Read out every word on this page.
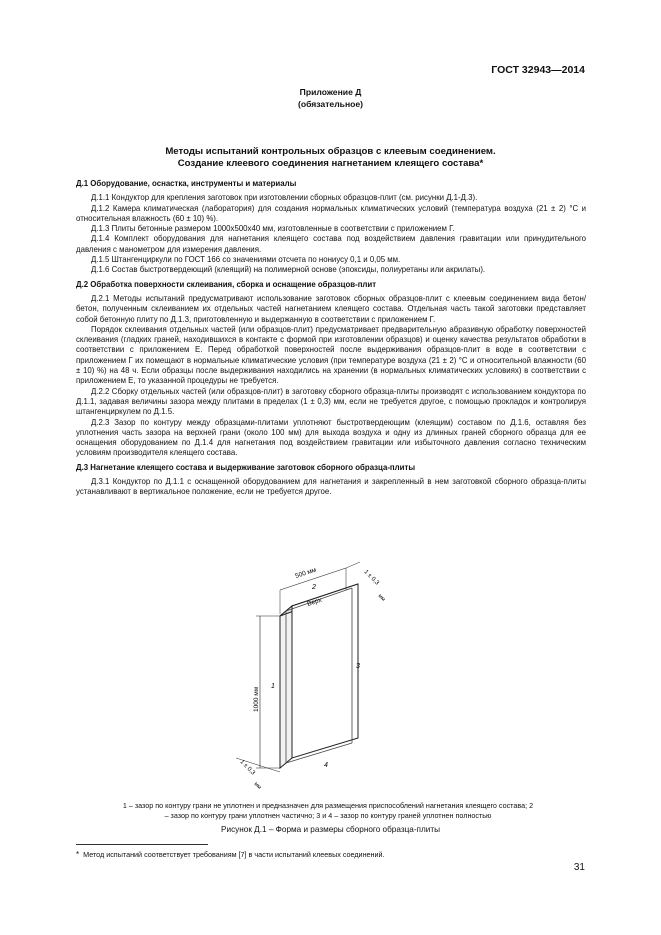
ГОСТ 32943—2014
Приложение Д
(обязательное)
Методы испытаний контрольных образцов с клеевым соединением.
Создание клеевого соединения нагнетанием клеящего состава*
Д.1 Оборудование, оснастка, инструменты и материалы

Д.1.1 Кондуктор для крепления заготовок при изготовлении сборных образцов-плит (см. рисунки Д.1-Д.3).

Д.1.2 Камера климатическая (лаборатория) для создания нормальных климатических условий (температура воздуха (21 ± 2) °С и относительная влажность (60 ± 10) %).

Д.1.3 Плиты бетонные размером 1000х500х40 мм, изготовленные в соответствии с приложением Г.

Д.1.4 Комплект оборудования для нагнетания клеящего состава под воздействием давления гравитации или принудительного давления с манометром для измерения давления.

Д.1.5 Штангенциркули по ГОСТ 166 со значениями отсчета по нониусу 0,1 и 0,05 мм.

Д.1.6 Состав быстротвердеющий (клеящий) на полимерной основе (эпоксиды, полиуретаны или акрилаты).

Д.2 Обработка поверхности склеивания, сборка и оснащение образцов-плит

Д.2.1 Методы испытаний предусматривают использование заготовок сборных образцов-плит с клеевым соединением вида бетон/бетон, полученным склеиванием их отдельных частей нагнетанием клеящего состава. Отдельная часть такой заготовки представляет собой бетонную плиту по Д.1.3, приготовленную и выдержанную в соответствии с приложением Г.

Порядок склеивания отдельных частей (или образцов-плит) предусматривает предварительную абразивную обработку поверхностей склеивания (гладких граней, находившихся в контакте с формой при изготовлении образцов) и оценку качества результатов обработки в соответствии с приложением Е. Перед обработкой поверхностей после выдерживания образцов-плит в воде в соответствии с приложением Г их помещают в нормальные климатические условия (при температуре воздуха (21 ± 2) °С и относительной влажности (60 ± 10) %) на 48 ч. Если образцы после выдерживания находились на хранении (в нормальных климатических условиях) в соответствии с приложением Е, то указанной процедуры не требуется.

Д.2.2 Сборку отдельных частей (или образцов-плит) в заготовку сборного образца-плиты производят с использованием кондуктора по Д.1.1, задавая величины зазора между плитами в пределах (1 ± 0,3) мм, если не требуется другое, с помощью прокладок и контролируя штангенциркулем по Д.1.5.

Д.2.3 Зазор по контуру между образцами-плитами уплотняют быстротвердеющим (клеящим) составом по Д.1.6, оставляя без уплотнения часть зазора на верхней грани (около 100 мм) для выхода воздуха и одну из длинных граней сборного образца для ее оснащения оборудованием по Д.1.4 для нагнетания под воздействием гравитации или избыточного давления согласно техническим условиям производителя клеящего состава.

Д.3 Нагнетание клеящего состава и выдерживание заготовок сборного образца-плиты

Д.3.1 Кондуктор по Д.1.1 с оснащенной оборудованием для нагнетания и закрепленный в нем заготовкой сборного образца-плиты устанавливают в вертикальное положение, если не требуется другое.

500 мм
2
Верх
1 ± 0,3
мм
1000 мм
1
3
4
1 ± 0,3
мм
1 – зазор по контуру грани не уплотнен и предназначен для размещения приспособлений нагнетания клеящего состава; 2
– зазор по контуру грани уплотнен частично; 3 и 4 – зазор по контуру граней уплотнен полностью
Рисунок Д.1 – Форма и размеры сборного образца-плиты
* Метод испытаний соответствует требованиям [7] в части испытаний клеевых соединений.
31
